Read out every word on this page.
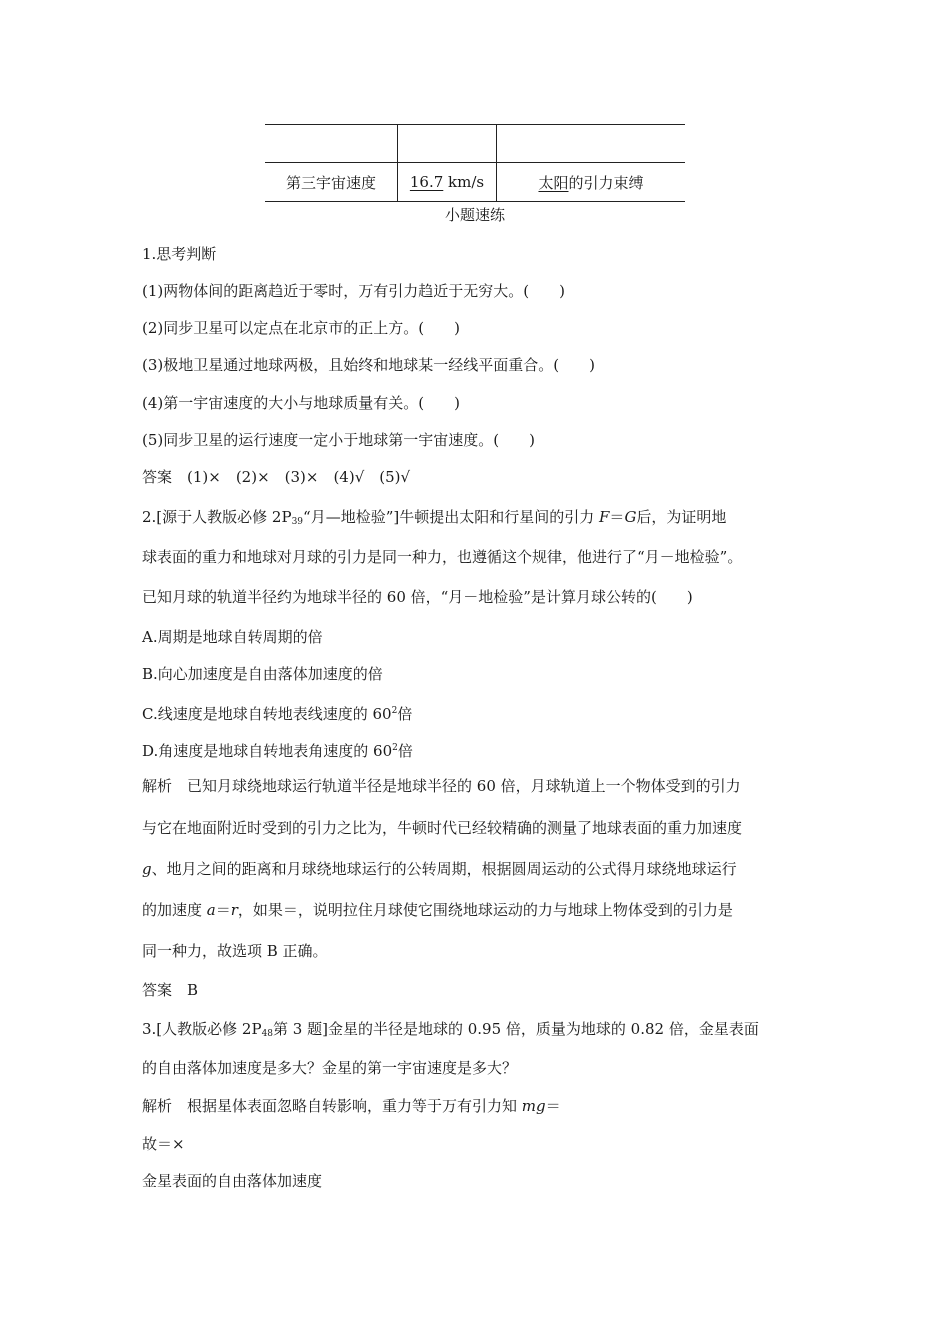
第三宇宙速度	16.7 km/s	太阳的引力束缚
小题速练
1.思考判断
(1)两物体间的距离趋近于零时，万有引力趋近于无穷大。(　　)
(2)同步卫星可以定点在北京市的正上方。(　　)
(3)极地卫星通过地球两极，且始终和地球某一经线平面重合。(　　)
(4)第一宇宙速度的大小与地球质量有关。(　　)
(5)同步卫星的运行速度一定小于地球第一宇宙速度。(　　)
答案　(1)×　(2)×　(3)×　(4)√　(5)√
2.[源于人教版必修 $2P_{39}“$月—地检验”]牛顿提出太阳和行星间的引力 F＝G后，为证明地
球表面的重力和地球对月球的引力是同一种力，也遵循这个规律，他进行了“月－地检验”。
已知月球的轨道半径约为地球半径的 60 倍，“月－地检验”是计算月球公转的(　　)
A.周期是地球自转周期的倍
B.向心加速度是自由落体加速度的倍
C.线速度是地球自转地表线速度的 $60^2$倍
D.角速度是地球自转地表角速度的 $60^2$倍
解析　已知月球绕地球运行轨道半径是地球半径的 60 倍，月球轨道上一个物体受到的引力
与它在地面附近时受到的引力之比为，牛顿时代已经较精确的测量了地球表面的重力加速度
g、地月之间的距离和月球绕地球运行的公转周期，根据圆周运动的公式得月球绕地球运行
的加速度 a＝r，如果＝，说明拉住月球使它围绕地球运动的力与地球上物体受到的引力是
同一种力，故选项 B 正确。
答案　B
3.[人教版必修 $2P_{48}$第 3 题]金星的半径是地球的 0.95 倍，质量为地球的 0.82 倍，金星表面
的自由落体加速度是多大？金星的第一宇宙速度是多大？
解析　根据星体表面忽略自转影响，重力等于万有引力知 mg＝
故＝×
金星表面的自由落体加速度
